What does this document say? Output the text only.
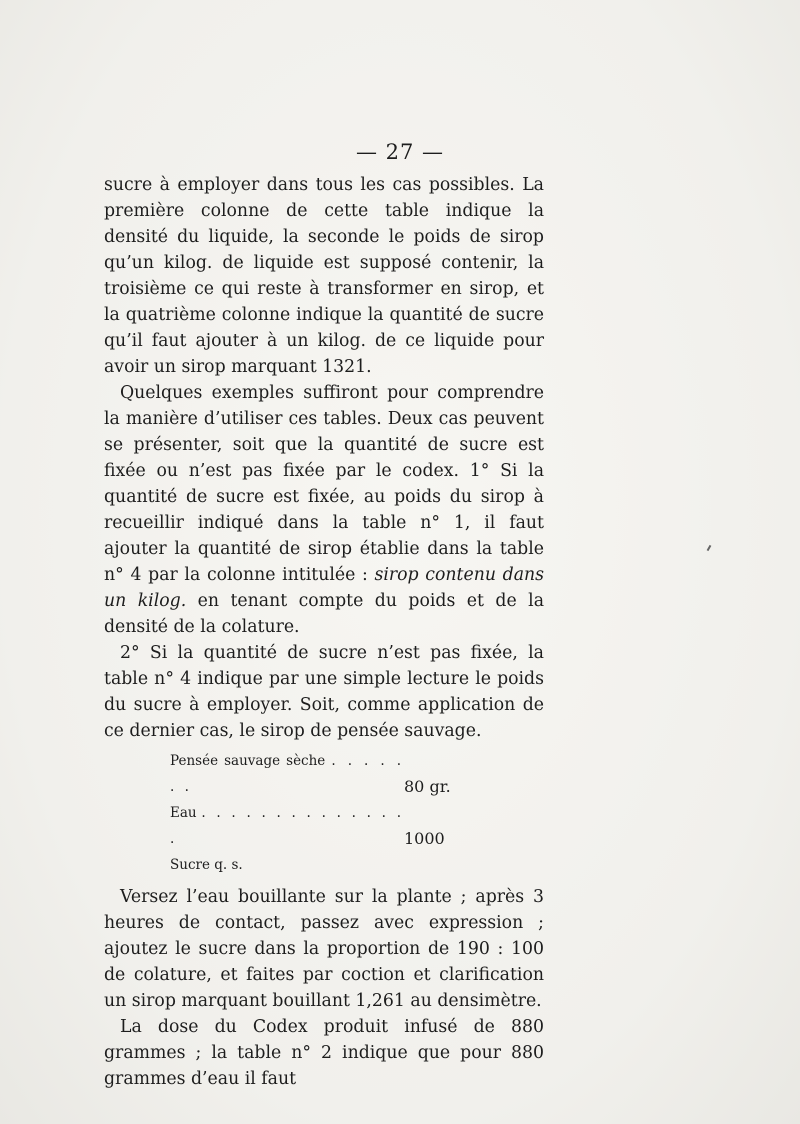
— 27 —

sucre à employer dans tous les cas possibles. La première colonne de cette table indique la densité du liquide, la seconde le poids de sirop qu’un kilog. de liquide est supposé contenir, la troisième ce qui reste à transformer en sirop, et la quatrième colonne indique la quantité de sucre qu’il faut ajouter à un kilog. de ce liquide pour avoir un sirop marquant 1321.

Quelques exemples suffiront pour comprendre la manière d’utiliser ces tables. Deux cas peuvent se présenter, soit que la quantité de sucre est fixée ou n’est pas fixée par le codex. 1° Si la quantité de sucre est fixée, au poids du sirop à recueillir indiqué dans la table n° 1, il faut ajouter la quantité de sirop établie dans la table n° 4 par la colonne intitulée : sirop contenu dans un kilog. en tenant compte du poids et de la densité de la colature.

2° Si la quantité de sucre n’est pas fixée, la table n° 4 indique par une simple lecture le poids du sucre à employer. Soit, comme application de ce dernier cas, le sirop de pensée sauvage.

Pensée sauvage sèche . . . . . . .	80 gr.
Eau . . . . . . . . . . . . . . .	1000
Sucre q. s.	

Versez l’eau bouillante sur la plante ; après 3 heures de contact, passez avec expression ; ajoutez le sucre dans la proportion de 190 : 100 de colature, et faites par coction et clarification un sirop marquant bouillant 1,261 au densimètre.

La dose du Codex produit infusé de 880 grammes ; la table n° 2 indique que pour 880 grammes d’eau il faut
